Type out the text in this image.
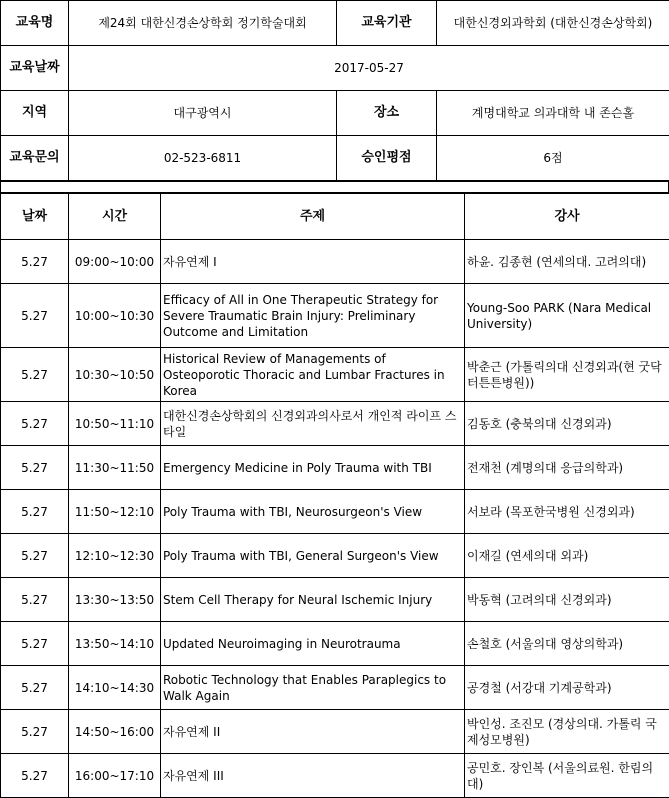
교육명	제24회 대한신경손상학회 정기학술대회	교육기관	대한신경외과학회 (대한신경손상학회)
교육날짜	2017-05-27		
지역	대구광역시	장소	계명대학교 의과대학 내 존슨홀
교육문의	02-523-6811	승인평점	6점
날짜	시간	주제	강사
5.27	09:00~10:00	자유연제 I	하윤. 김종현 (연세의대. 고려의대)
5.27	10:00~10:30	Efficacy of All in One Therapeutic Strategy for Severe Traumatic Brain Injury: Preliminary Outcome and Limitation	Young-Soo PARK (Nara Medical University)
5.27	10:30~10:50	Historical Review of Managements of Osteoporotic Thoracic and Lumbar Fractures in Korea	박춘근 (가톨릭의대 신경외과(현 굿닥터튼튼병원))
5.27	10:50~11:10	대한신경손상학회의 신경외과의사로서 개인적 라이프 스타일	김동호 (충북의대 신경외과)
5.27	11:30~11:50	Emergency Medicine in Poly Trauma with TBI	전재천 (계명의대 응급의학과)
5.27	11:50~12:10	Poly Trauma with TBI, Neurosurgeon's View	서보라 (목포한국병원 신경외과)
5.27	12:10~12:30	Poly Trauma with TBI, General Surgeon's View	이재길 (연세의대 외과)
5.27	13:30~13:50	Stem Cell Therapy for Neural Ischemic Injury	박동혁 (고려의대 신경외과)
5.27	13:50~14:10	Updated Neuroimaging in Neurotrauma	손철호 (서울의대 영상의학과)
5.27	14:10~14:30	Robotic Technology that Enables Paraplegics to Walk Again	공경철 (서강대 기계공학과)
5.27	14:50~16:00	자유연제 II	박인성. 조진모 (경상의대. 가톨릭 국제성모병원)
5.27	16:00~17:10	자유연제 III	공민호. 장인복 (서울의료원. 한림의대)
